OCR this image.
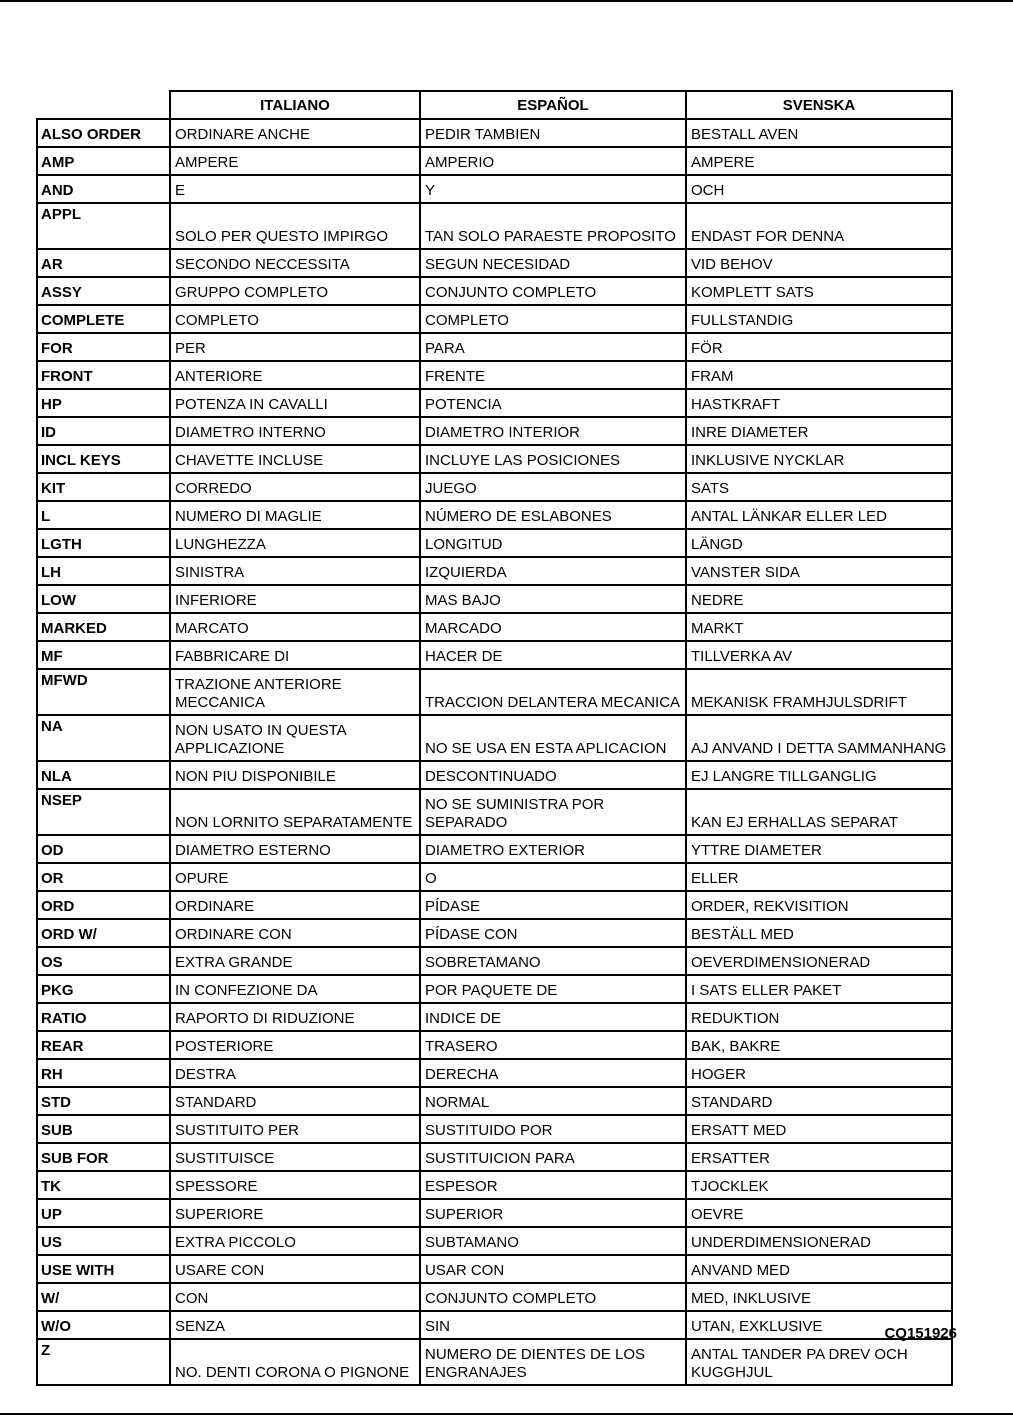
	ITALIANO	ESPAÑOL	SVENSKA
ALSO ORDER	ORDINARE ANCHE	PEDIR TAMBIEN	BESTALL AVEN
AMP	AMPERE	AMPERIO	AMPERE
AND	E	Y	OCH
APPL	SOLO PER QUESTO IMPIRGO	TAN SOLO PARAESTE PROPOSITO	ENDAST FOR DENNA
AR	SECONDO NECCESSITA	SEGUN NECESIDAD	VID BEHOV
ASSY	GRUPPO COMPLETO	CONJUNTO COMPLETO	KOMPLETT SATS
COMPLETE	COMPLETO	COMPLETO	FULLSTANDIG
FOR	PER	PARA	FÖR
FRONT	ANTERIORE	FRENTE	FRAM
HP	POTENZA IN CAVALLI	POTENCIA	HASTKRAFT
ID	DIAMETRO INTERNO	DIAMETRO INTERIOR	INRE DIAMETER
INCL KEYS	CHAVETTE INCLUSE	INCLUYE LAS POSICIONES	INKLUSIVE NYCKLAR
KIT	CORREDO	JUEGO	SATS
L	NUMERO DI MAGLIE	NÚMERO DE ESLABONES	ANTAL LÄNKAR ELLER LED
LGTH	LUNGHEZZA	LONGITUD	LÄNGD
LH	SINISTRA	IZQUIERDA	VANSTER SIDA
LOW	INFERIORE	MAS BAJO	NEDRE
MARKED	MARCATO	MARCADO	MARKT
MF	FABBRICARE DI	HACER DE	TILLVERKA AV
MFWD	TRAZIONE ANTERIORE MECCANICA	TRACCION DELANTERA MECANICA	MEKANISK FRAMHJULSDRIFT
NA	NON USATO IN QUESTA APPLICAZIONE	NO SE USA EN ESTA APLICACION	AJ ANVAND I DETTA SAMMANHANG
NLA	NON PIU DISPONIBILE	DESCONTINUADO	EJ LANGRE TILLGANGLIG
NSEP	NON LORNITO SEPARATAMENTE	NO SE SUMINISTRA POR SEPARADO	KAN EJ ERHALLAS SEPARAT
OD	DIAMETRO ESTERNO	DIAMETRO EXTERIOR	YTTRE DIAMETER
OR	OPURE	O	ELLER
ORD	ORDINARE	PÍDASE	ORDER, REKVISITION
ORD W/	ORDINARE CON	PÍDASE CON	BESTÄLL MED
OS	EXTRA GRANDE	SOBRETAMANO	OEVERDIMENSIONERAD
PKG	IN CONFEZIONE DA	POR PAQUETE DE	I SATS ELLER PAKET
RATIO	RAPORTO DI RIDUZIONE	INDICE DE	REDUKTION
REAR	POSTERIORE	TRASERO	BAK, BAKRE
RH	DESTRA	DERECHA	HOGER
STD	STANDARD	NORMAL	STANDARD
SUB	SUSTITUITO PER	SUSTITUIDO POR	ERSATT MED
SUB FOR	SUSTITUISCE	SUSTITUICION PARA	ERSATTER
TK	SPESSORE	ESPESOR	TJOCKLEK
UP	SUPERIORE	SUPERIOR	OEVRE
US	EXTRA PICCOLO	SUBTAMANO	UNDERDIMENSIONERAD
USE WITH	USARE CON	USAR CON	ANVAND MED
W/	CON	CONJUNTO COMPLETO	MED, INKLUSIVE
W/O	SENZA	SIN	UTAN, EXKLUSIVE
Z	NO. DENTI CORONA O PIGNONE	NUMERO DE DIENTES DE LOS ENGRANAJES	ANTAL TANDER PA DREV OCH KUGGHJUL
CQ151926
